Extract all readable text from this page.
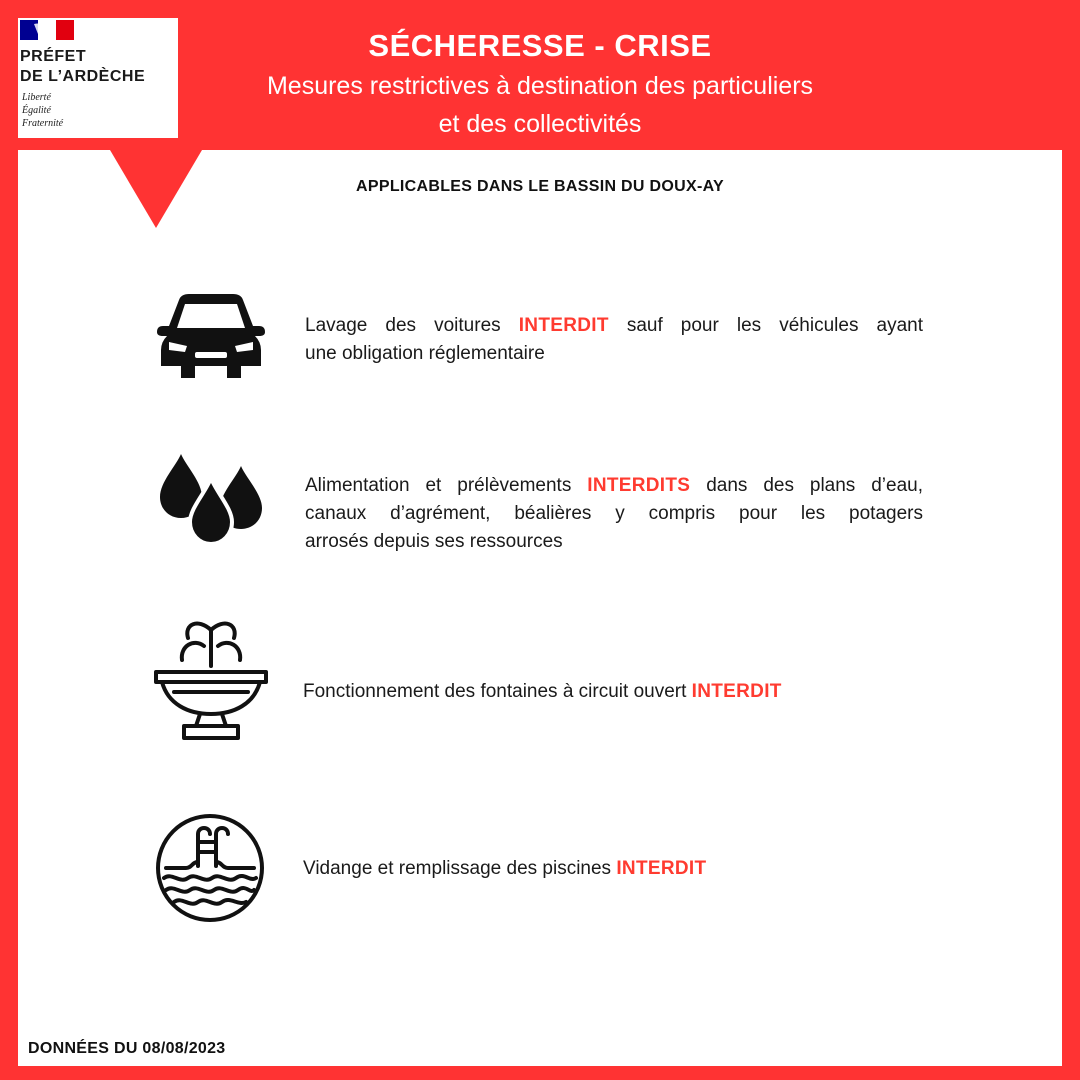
PRÉFET
DE L’ARDÈCHE
Liberté
Égalité
Fraternité
SÉCHERESSE - CRISE
Mesures restrictives à destination des particuliers
et des collectivités
APPLICABLES DANS LE BASSIN DU DOUX-AY
Lavage des voitures INTERDIT sauf pour les véhicules ayant
une obligation réglementaire
Alimentation et prélèvements INTERDITS dans des plans d’eau,
canaux d’agrément, béalières y compris pour les potagers
arrosés depuis ses ressources
Fonctionnement des fontaines à circuit ouvert INTERDIT
Vidange et remplissage des piscines INTERDIT
DONNÉES DU 08/08/2023
